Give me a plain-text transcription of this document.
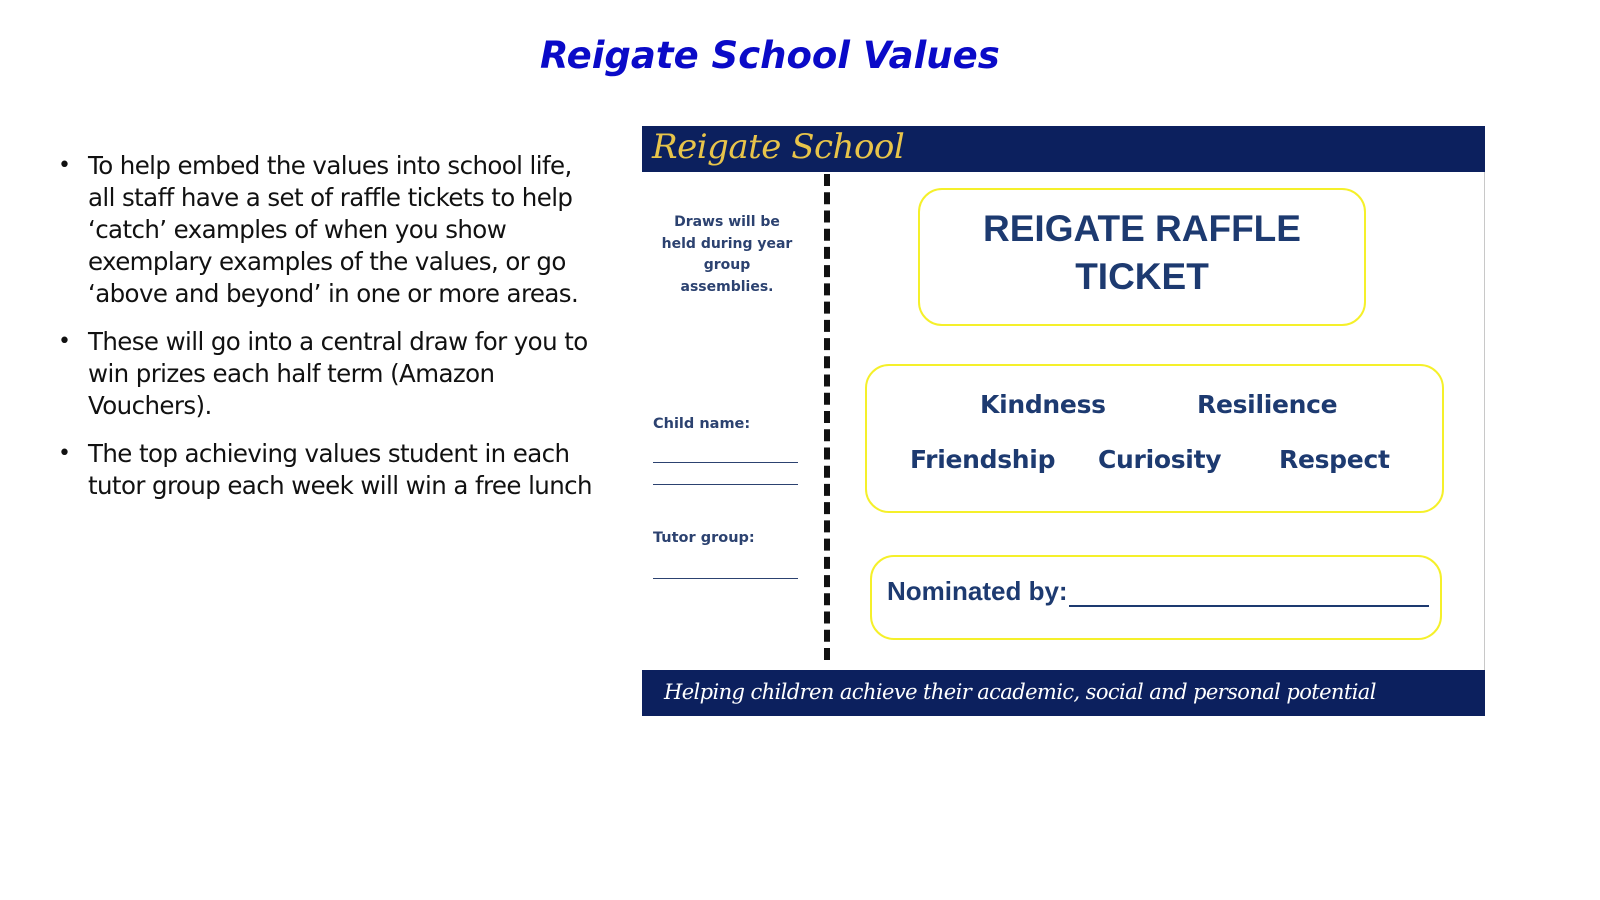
Reigate School Values
• To help embed the values into school life, all staff have a set of raffle tickets to help ‘catch’ examples of when you show exemplary examples of the values, or go ‘above and beyond’ in one or more areas.
• These will go into a central draw for you to win prizes each half term (Amazon Vouchers).
• The top achieving values student in each tutor group each week will win a free lunch
Reigate School
Draws will be held during year group assemblies.
Child name:
Tutor group:
REIGATE RAFFLE TICKET
Kindness	Resilience
Friendship Curiosity Respect
Nominated by:
Helping children achieve their academic, social and personal potential
